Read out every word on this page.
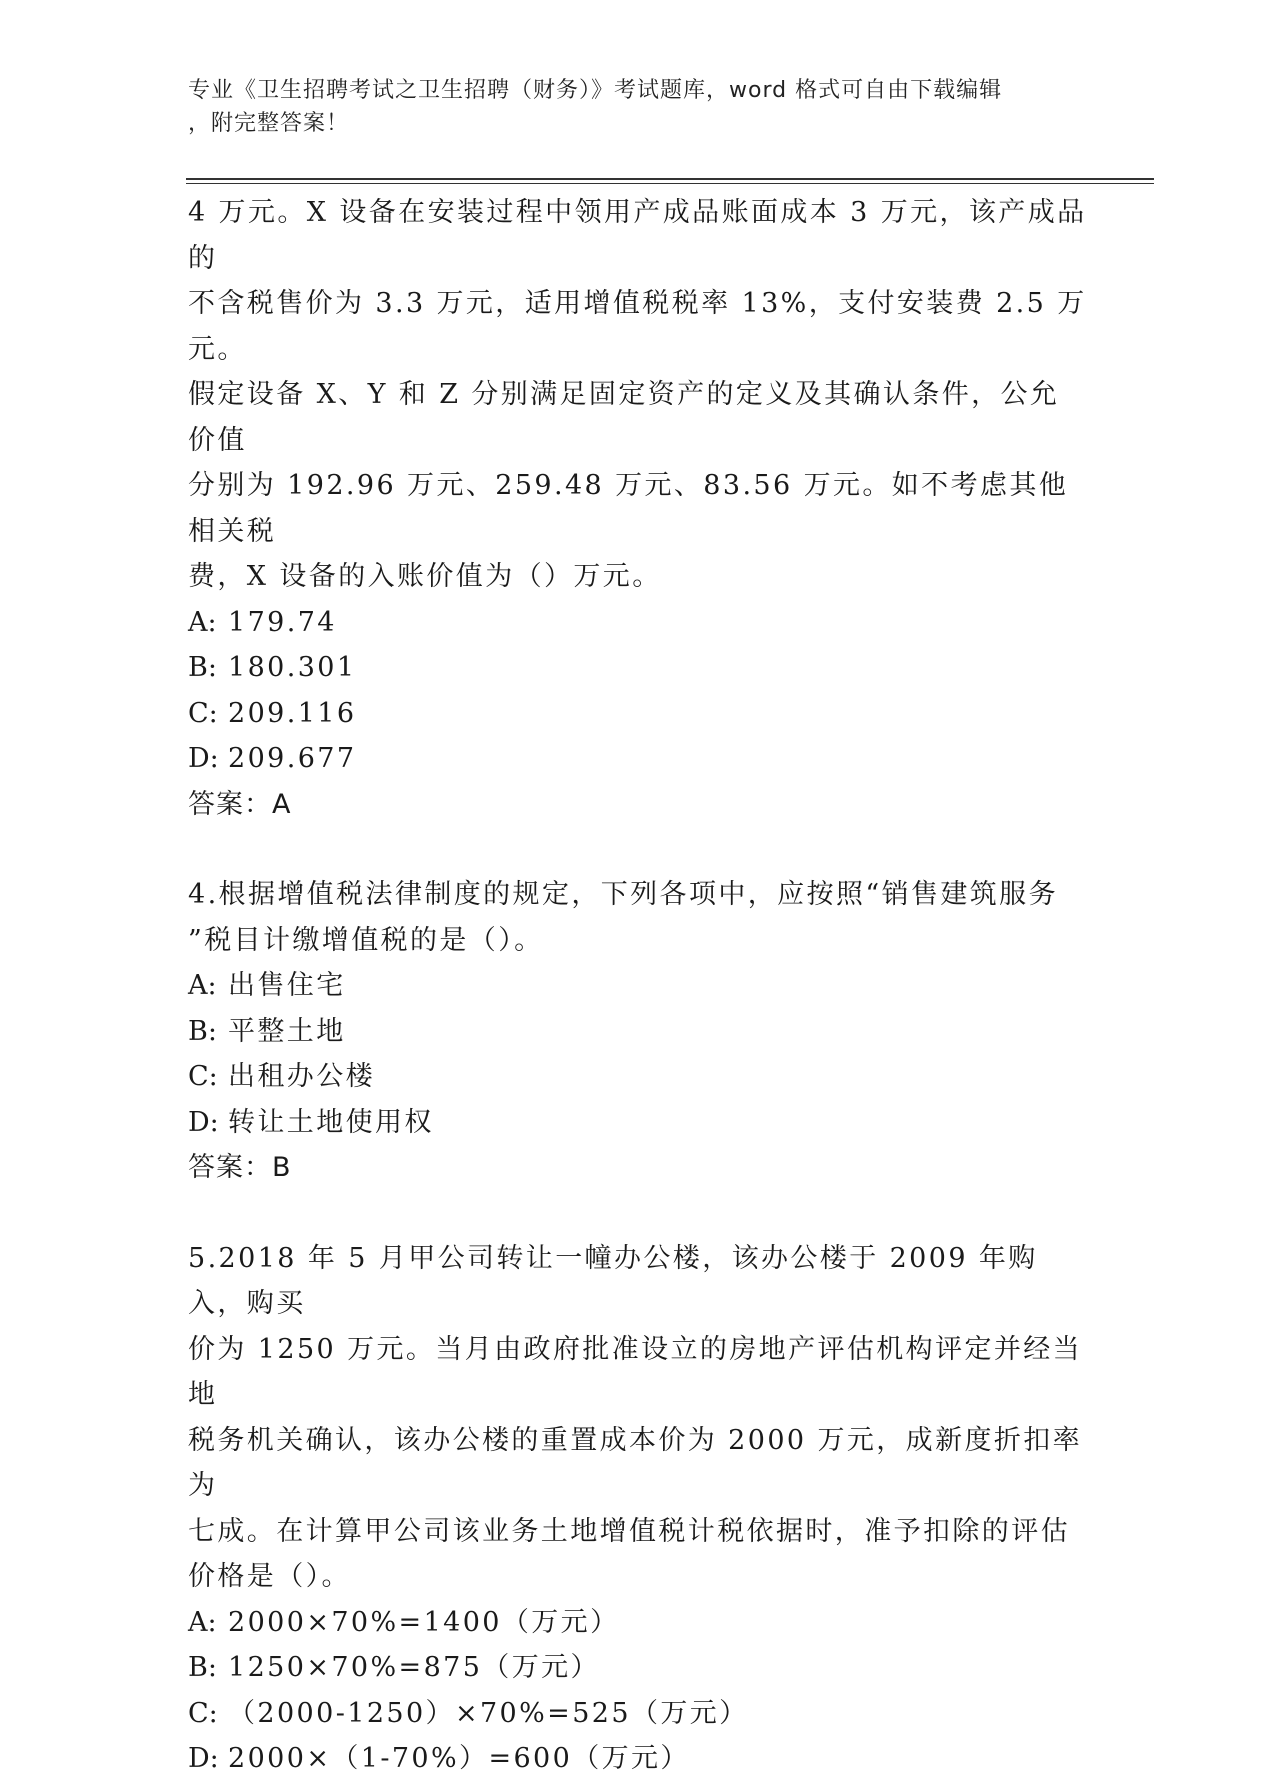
专业《卫生招聘考试之卫生招聘（财务）》考试题库，word 格式可自由下载编辑
，附完整答案！

4 万元。X 设备在安装过程中领用产成品账面成本 3 万元，该产成品的

不含税售价为 3.3 万元，适用增值税税率 13%，支付安装费 2.5 万元。

假定设备 X、Y 和 Z 分别满足固定资产的定义及其确认条件，公允价值

分别为 192.96 万元、259.48 万元、83.56 万元。如不考虑其他相关税

费，X 设备的入账价值为（）万元。

A: 179.74

B: 180.301

C: 209.116

D: 209.677

答案：A

4.根据增值税法律制度的规定，下列各项中，应按照“销售建筑服务

”税目计缴增值税的是（）。

A: 出售住宅

B: 平整土地

C: 出租办公楼

D: 转让土地使用权

答案：B

5.2018 年 5 月甲公司转让一幢办公楼，该办公楼于 2009 年购入，购买

价为 1250 万元。当月由政府批准设立的房地产评估机构评定并经当地

税务机关确认，该办公楼的重置成本价为 2000 万元，成新度折扣率为

七成。在计算甲公司该业务土地增值税计税依据时，准予扣除的评估

价格是（）。

A: 2000×70%=1400（万元）

B: 1250×70%=875（万元）

C: （2000-1250）×70%=525（万元）

D: 2000×（1-70%）=600（万元）
